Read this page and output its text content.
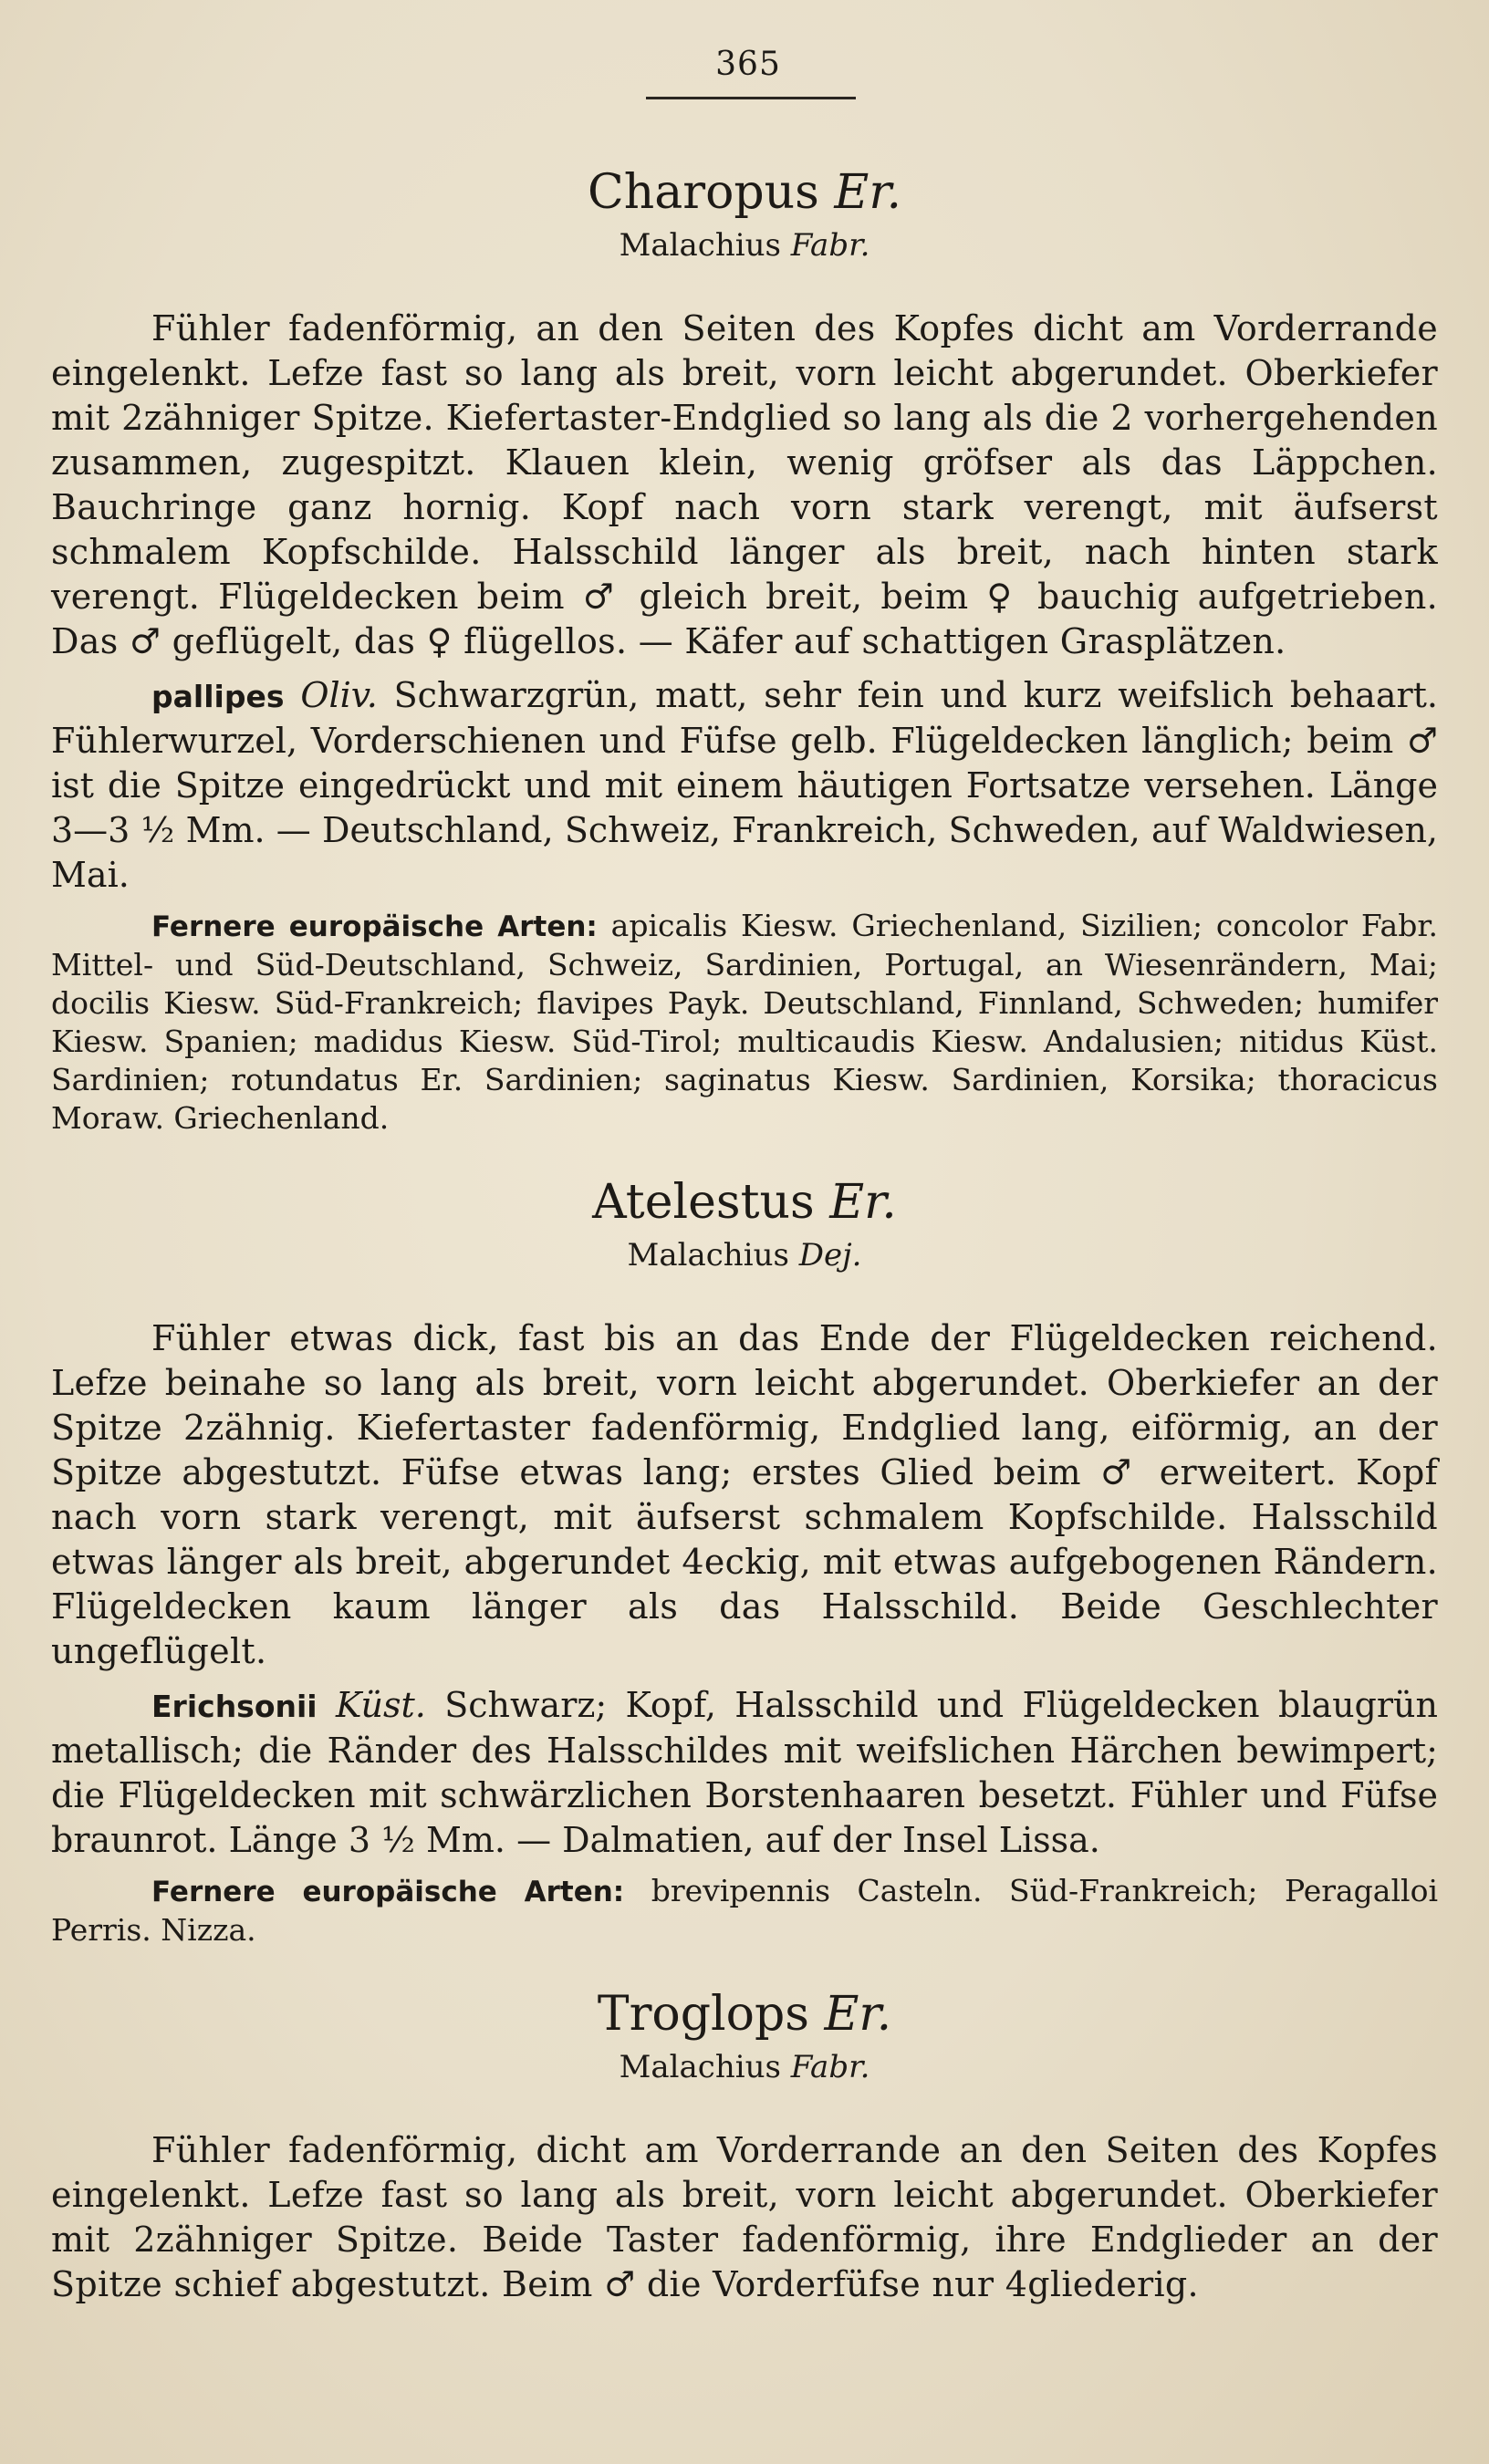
365
Charopus Er.
Malachius Fabr.

Fühler fadenförmig, an den Seiten des Kopfes dicht am Vorderrande eingelenkt. Lefze fast so lang als breit, vorn leicht abgerundet. Oberkiefer mit 2zähniger Spitze. Kiefertaster-Endglied so lang als die 2 vorhergehenden zusammen, zugespitzt. Klauen klein, wenig gröfser als das Läppchen. Bauchringe ganz hornig. Kopf nach vorn stark verengt, mit äufserst schmalem Kopfschilde. Halsschild länger als breit, nach hinten stark verengt. Flügeldecken beim ♂ gleich breit, beim ♀ bauchig aufgetrieben. Das ♂ geflügelt, das ♀ flügellos. — Käfer auf schattigen Grasplätzen.

pallipes Oliv. Schwarzgrün, matt, sehr fein und kurz weifslich behaart. Fühlerwurzel, Vorderschienen und Füfse gelb. Flügeldecken länglich; beim ♂ ist die Spitze eingedrückt und mit einem häutigen Fortsatze versehen. Länge 3—3 ½ Mm. — Deutschland, Schweiz, Frankreich, Schweden, auf Waldwiesen, Mai.

Fernere europäische Arten: apicalis Kiesw. Griechenland, Sizilien; concolor Fabr. Mittel- und Süd-Deutschland, Schweiz, Sardinien, Portugal, an Wiesenrändern, Mai; docilis Kiesw. Süd-Frankreich; flavipes Payk. Deutschland, Finnland, Schweden; humifer Kiesw. Spanien; madidus Kiesw. Süd-Tirol; multicaudis Kiesw. Andalusien; nitidus Küst. Sardinien; rotundatus Er. Sardinien; saginatus Kiesw. Sardinien, Korsika; thoracicus Moraw. Griechenland.

Atelestus Er.
Malachius Dej.

Fühler etwas dick, fast bis an das Ende der Flügeldecken reichend. Lefze beinahe so lang als breit, vorn leicht abgerundet. Oberkiefer an der Spitze 2zähnig. Kiefertaster fadenförmig, Endglied lang, eiförmig, an der Spitze abgestutzt. Füfse etwas lang; erstes Glied beim ♂ erweitert. Kopf nach vorn stark verengt, mit äufserst schmalem Kopfschilde. Halsschild etwas länger als breit, abgerundet 4eckig, mit etwas aufgebogenen Rändern. Flügeldecken kaum länger als das Halsschild. Beide Geschlechter ungeflügelt.

Erichsonii Küst. Schwarz; Kopf, Halsschild und Flügeldecken blaugrün metallisch; die Ränder des Halsschildes mit weifslichen Härchen bewimpert; die Flügeldecken mit schwärzlichen Borstenhaaren besetzt. Fühler und Füfse braunrot. Länge 3 ½ Mm. — Dalmatien, auf der Insel Lissa.

Fernere europäische Arten: brevipennis Casteln. Süd-Frankreich; Peragalloi Perris. Nizza.

Troglops Er.
Malachius Fabr.

Fühler fadenförmig, dicht am Vorderrande an den Seiten des Kopfes eingelenkt. Lefze fast so lang als breit, vorn leicht abgerundet. Oberkiefer mit 2zähniger Spitze. Beide Taster fadenförmig, ihre Endglieder an der Spitze schief abgestutzt. Beim ♂ die Vorderfüfse nur 4gliederig.
